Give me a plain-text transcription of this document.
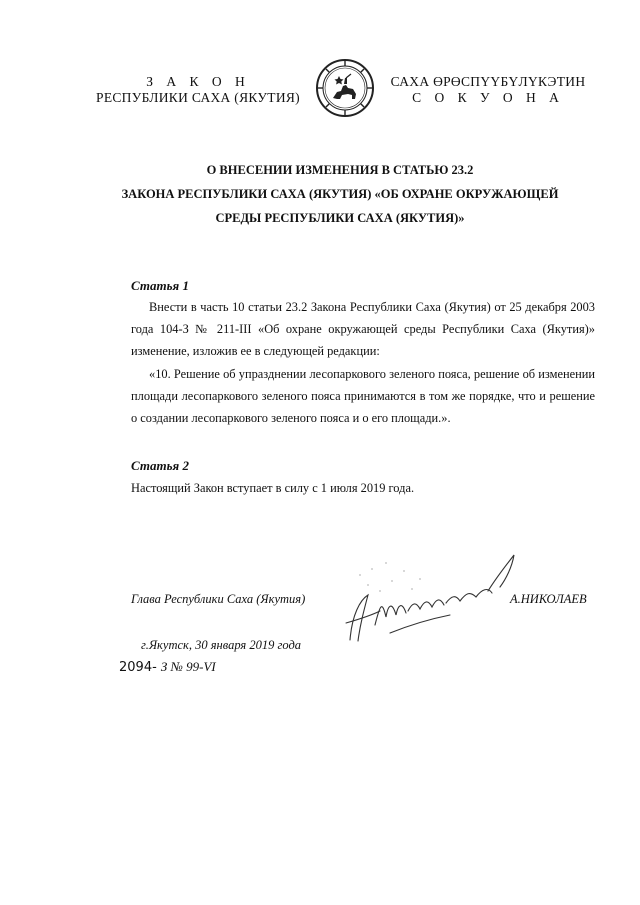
З А К О Н
РЕСПУБЛИКИ САХА (ЯКУТИЯ)
САХА ӨРӨСПҮҮБҮЛҮКЭТИН
С О К У О Н А
О ВНЕСЕНИИ ИЗМЕНЕНИЯ В СТАТЬЮ 23.2
ЗАКОНА РЕСПУБЛИКИ САХА (ЯКУТИЯ) «ОБ ОХРАНЕ ОКРУЖАЮЩЕЙ
СРЕДЫ РЕСПУБЛИКИ САХА (ЯКУТИЯ)»
Статья 1

Внести в часть 10 статьи 23.2 Закона Республики Саха (Якутия) от 25 декабря 2003 года 104-З № 211-III «Об охране окружающей среды Республики Саха (Якутия)» изменение, изложив ее в следующей редакции:

«10. Решение об упразднении лесопаркового зеленого пояса, решение об изменении площади лесопаркового зеленого пояса принимаются в том же порядке, что и решение о создании лесопаркового зеленого пояса и о его площади.».

Статья 2

Настоящий Закон вступает в силу с 1 июля 2019 года.

Глава Республики Саха (Якутия)	А.НИКОЛАЕВ
г.Якутск, 30 января 2019 года
2094- З № 99-VI
